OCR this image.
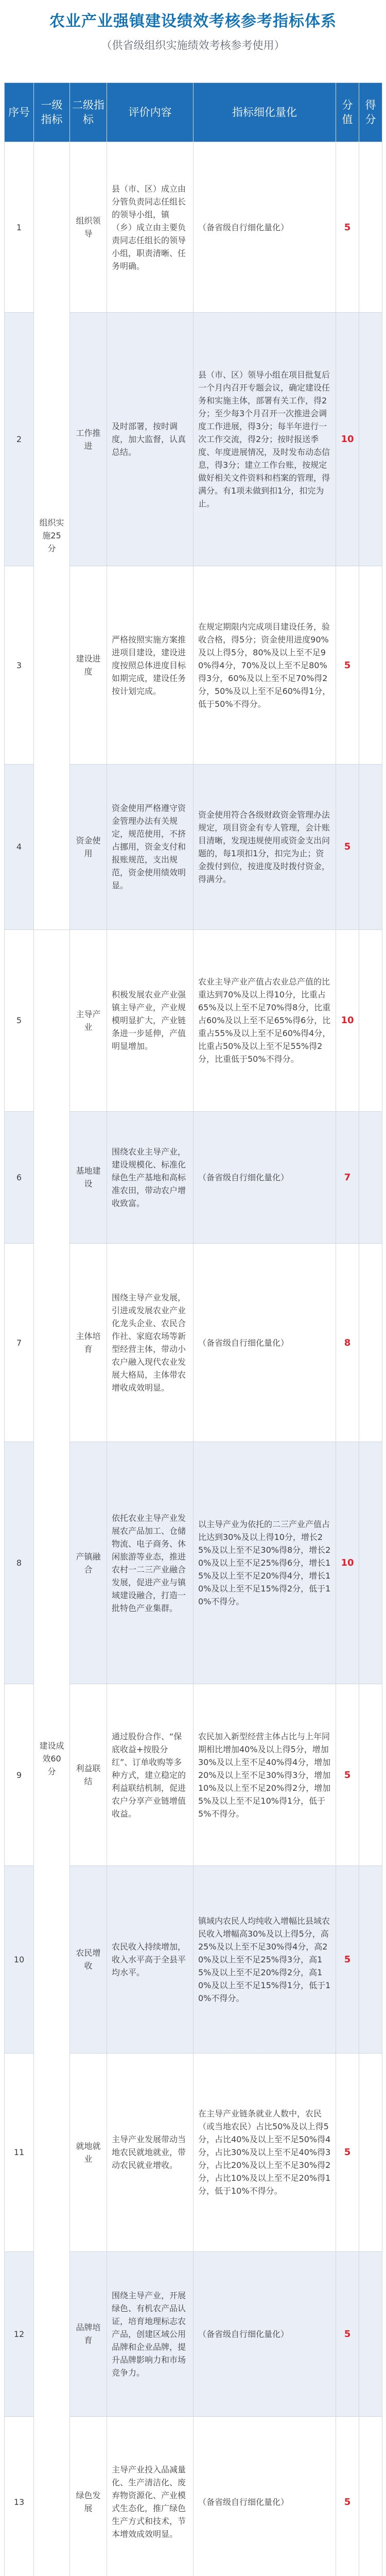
农业产业强镇建设绩效考核参考指标体系
（供省级组织实施绩效考核参考使用）
序号	一级指标	二级指标	评价内容	指标细化量化	分值	得分
1	组织实施25分	组织领导	县（市、区）成立由分管负责同志任组长的领导小组，镇（乡）成立由主要负责同志任组长的领导小组，职责清晰、任务明确。	（备省级自行细化量化）	5	
2		工作推进	及时部署，按时调度，加大监督，认真总结。	县（市、区）领导小组在项目批复后一个月内召开专题会议，确定建设任务和实施主体，部署有关工作，得2分；至少每3个月召开一次推进会调度工作进展，得3分；每半年进行一次工作交流，得2分；按时报送季度、年度进展情况，及时发布动态信息，得3分；建立工作台账，按规定做好相关文件资料和档案的管理，得满分。有1项未做到扣1分，扣完为止。	10	
3		建设进度	严格按照实施方案推进项目建设，建设进度按照总体进度目标如期完成，建设任务按计划完成。	在规定期限内完成项目建设任务，验收合格，得5分；资金使用进度90%及以上得5分，80%及以上至不足90%得4分，70%及以上至不足80%得3分，60%及以上至不足70%得2分，50%及以上至不足60%得1分，低于50%不得分。	5	
4		资金使用	资金使用严格遵守资金管理办法有关规定，规范使用，不挤占挪用，资金支付和报账规范，支出规范，资金使用绩效明显。	资金使用符合各级财政资金管理办法规定，项目资金有专人管理，会计账目清晰，发现违规使用或资金支出问题的，每1项扣1分，扣完为止；资金拨付到位，按进度及时拨付资金，得满分。	5	
5	建设成效60分	主导产业	积极发展农业产业强镇主导产业，产业规模明显扩大，产业链条进一步延伸，产值明显增加。	农业主导产业产值占农业总产值的比重达到70%及以上得10分，比重占65%及以上至不足70%得8分，比重占60%及以上至不足65%得6分，比重占55%及以上至不足60%得4分，比重占50%及以上至不足55%得2分，比重低于50%不得分。	10	
6		基地建设	围绕农业主导产业，建设规模化、标准化绿色生产基地和高标准农田，带动农户增收致富。	（备省级自行细化量化）	7	
7		主体培育	围绕主导产业发展，引进或发展农业产业化龙头企业、农民合作社、家庭农场等新型经营主体，带动小农户融入现代农业发展大格局，主体带农增收成效明显。	（备省级自行细化量化）	8	
8		产镇融合	依托农业主导产业发展农产品加工、仓储物流、电子商务、休闲旅游等业态，推进农村一二三产业融合发展，促进产业与镇域建设融合，打造一批特色产业集群。	以主导产业为依托的二三产业产值占比达到30%及以上得10分，增长25%及以上至不足30%得8分，增长20%及以上至不足25%得6分，增长15%及以上至不足20%得4分，增长10%及以上至不足15%得2分，低于10%不得分。	10	
9		利益联结	通过股份合作、“保底收益+按股分红”、订单收购等多种方式，建立稳定的利益联结机制，促进农户分享产业链增值收益。	农民加入新型经营主体占比与上年同期相比增加40%及以上得5分，增加30%及以上至不足40%得4分，增加20%及以上至不足30%得3分，增加10%及以上至不足20%得2分，增加5%及以上至不足10%得1分，低于5%不得分。	5	
10		农民增收	农民收入持续增加，收入水平高于全县平均水平。	镇域内农民人均纯收入增幅比县域农民收入增幅高30%及以上得5分，高25%及以上至不足30%得4分，高20%及以上至不足25%得3分，高15%及以上至不足20%得2分，高10%及以上至不足15%得1分，低于10%不得分。	5	
11		就地就业	主导产业发展带动当地农民就地就业，带动农民就业增收。	在主导产业链条就业人数中，农民（或当地农民）占比50%及以上得5分，占比40%及以上至不足50%得4分，占比30%及以上至不足40%得3分，占比20%及以上至不足30%得2分，占比10%及以上至不足20%得1分，低于10%不得分。	5	
12		品牌培育	围绕主导产业，开展绿色、有机农产品认证，培育地理标志农产品，创建区域公用品牌和企业品牌，提升品牌影响力和市场竞争力。	（备省级自行细化量化）	5	
13		绿色发展	主导产业投入品减量化、生产清洁化、废弃物资源化、产业模式生态化，推广绿色生产方式和技术，节本增效成效明显。	（备省级自行细化量化）	5	
